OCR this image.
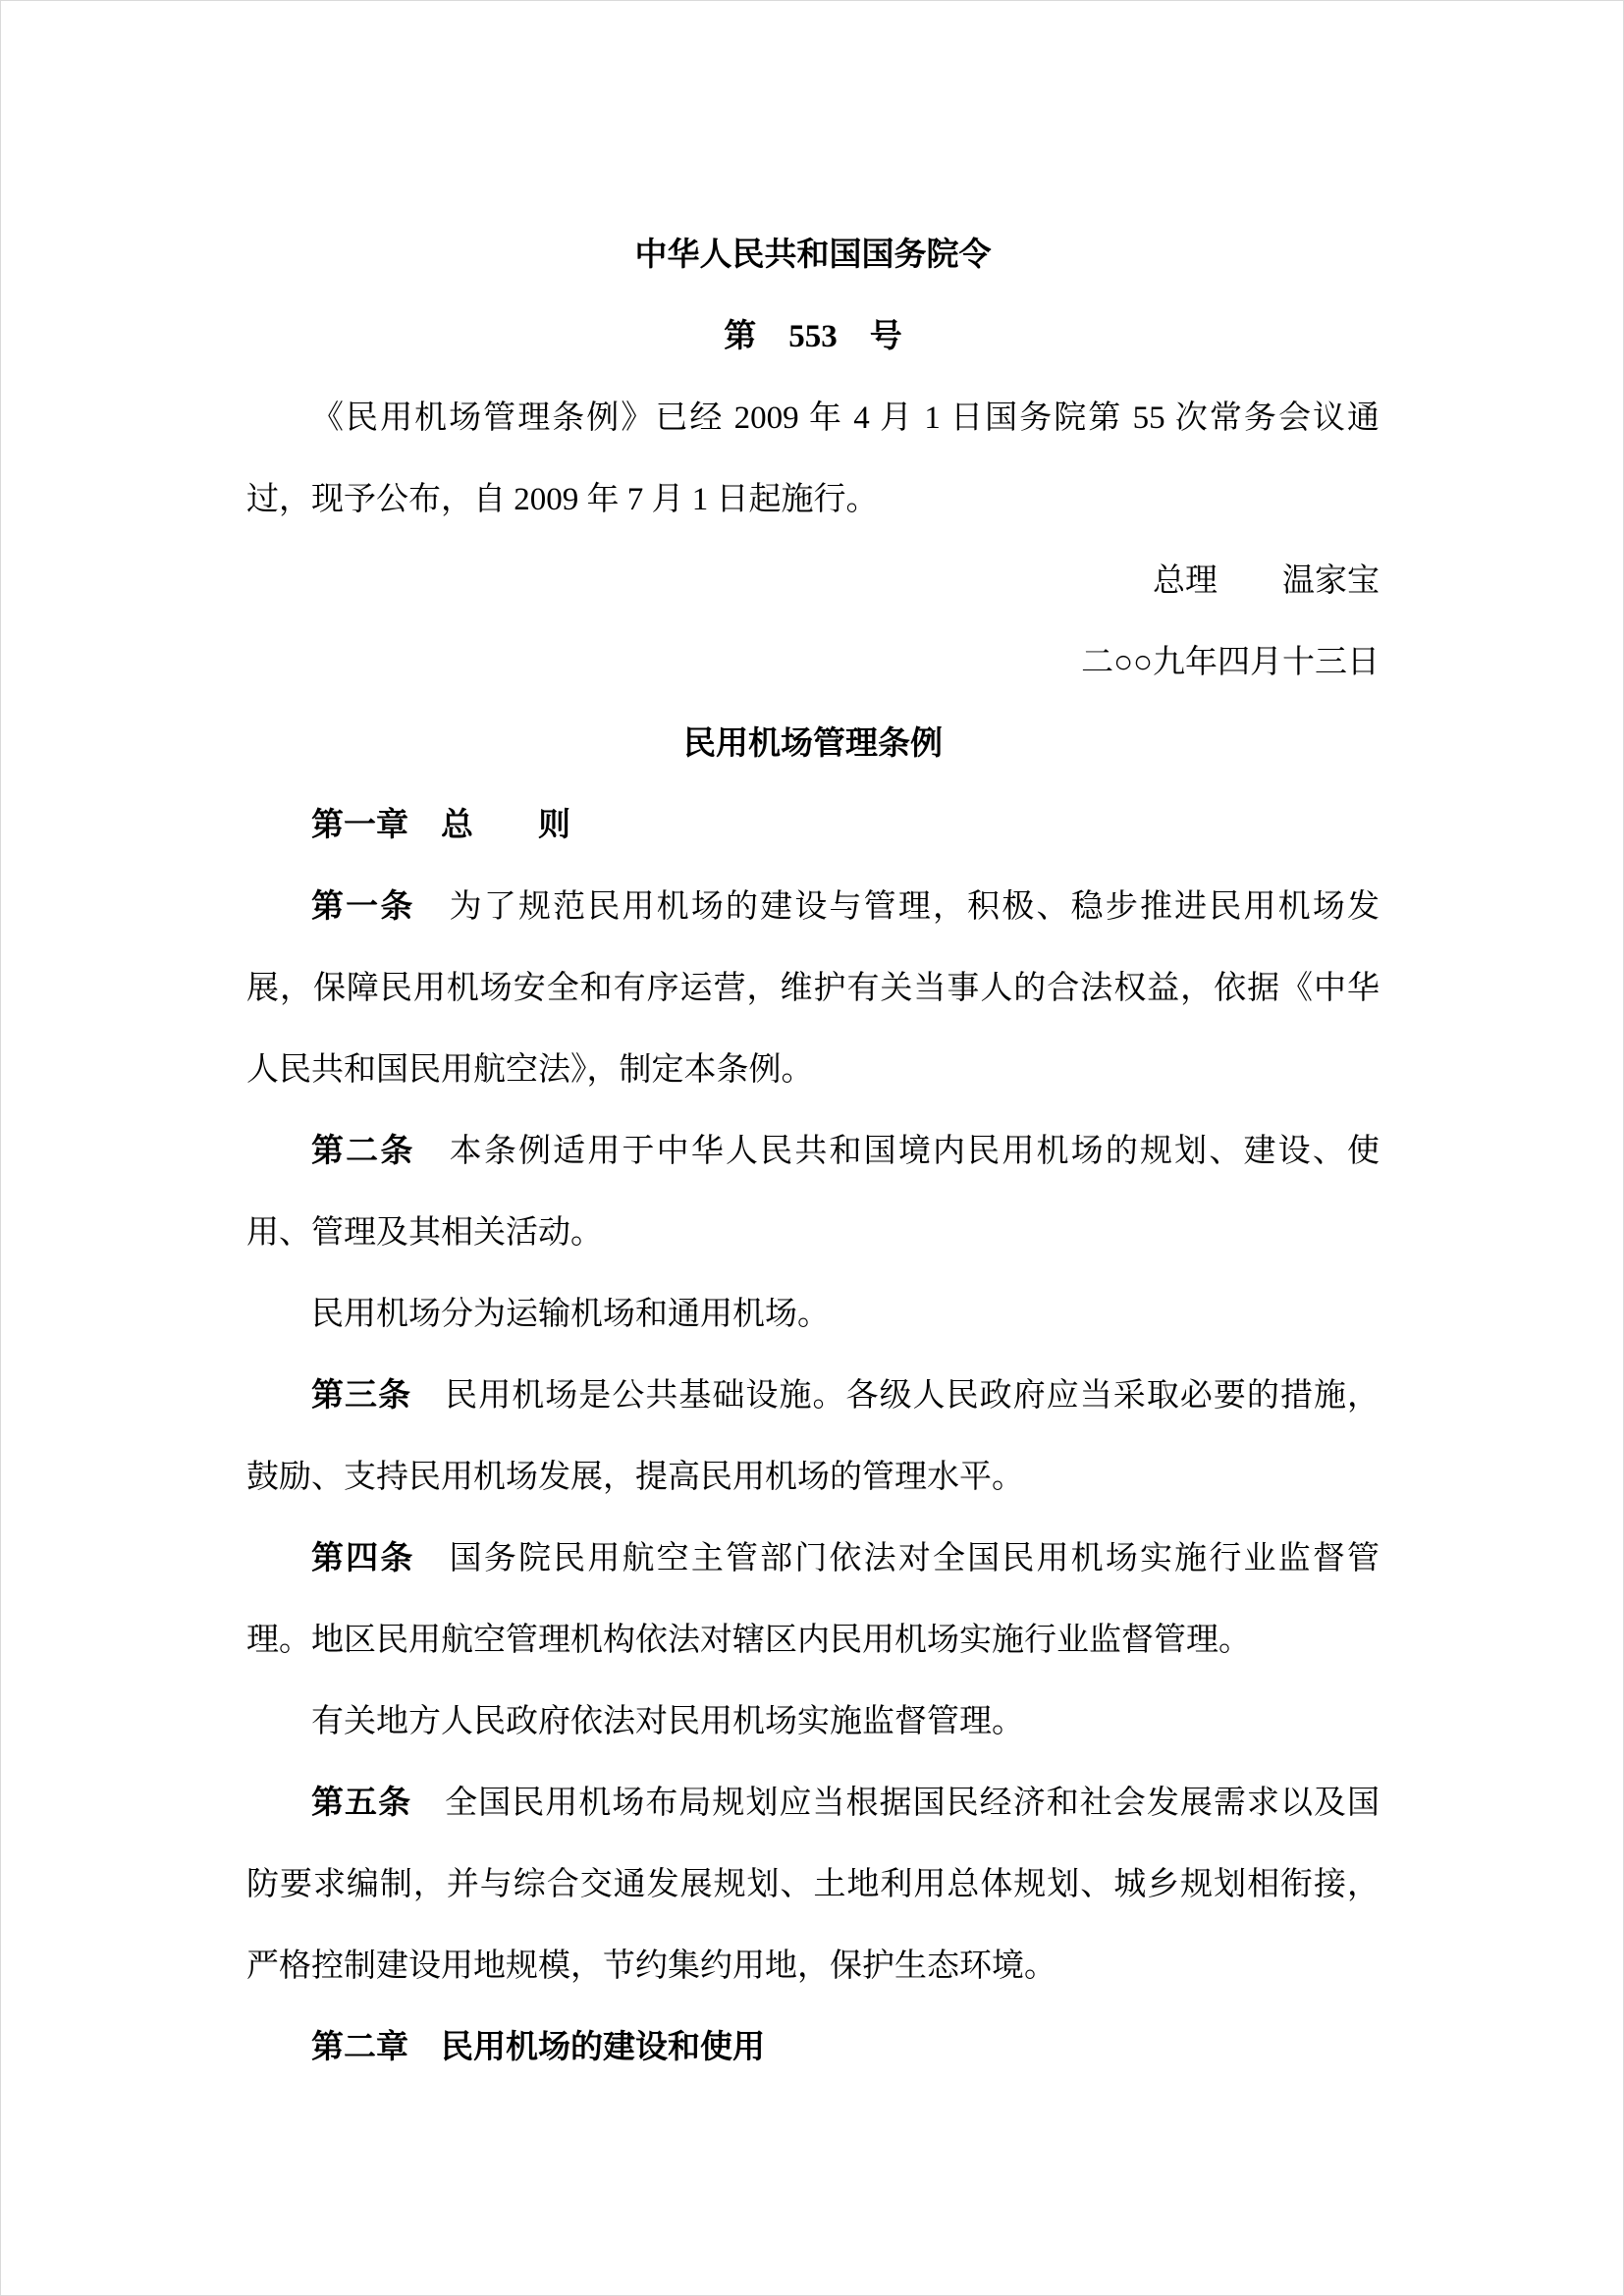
中华人民共和国国务院令

第　553　号

《民用机场管理条例》已经 2009 年 4 月 1 日国务院第 55 次常务会议通过，现予公布，自 2009 年 7 月 1 日起施行。

总理　　温家宝

二○○九年四月十三日

民用机场管理条例

第一章　总　　则

第一条　 为了规范民用机场的建设与管理，积极、稳步推进民用机场发展，保障民用机场安全和有序运营，维护有关当事人的合法权益，依据《中华人民共和国民用航空法》，制定本条例。

第二条　 本条例适用于中华人民共和国境内民用机场的规划、建设、使用、管理及其相关活动。

民用机场分为运输机场和通用机场。

第三条　 民用机场是公共基础设施。各级人民政府应当采取必要的措施，鼓励、支持民用机场发展，提高民用机场的管理水平。

第四条　 国务院民用航空主管部门依法对全国民用机场实施行业监督管理。地区民用航空管理机构依法对辖区内民用机场实施行业监督管理。

有关地方人民政府依法对民用机场实施监督管理。

第五条　 全国民用机场布局规划应当根据国民经济和社会发展需求以及国防要求编制，并与综合交通发展规划、土地利用总体规划、城乡规划相衔接，严格控制建设用地规模，节约集约用地，保护生态环境。

第二章　民用机场的建设和使用
